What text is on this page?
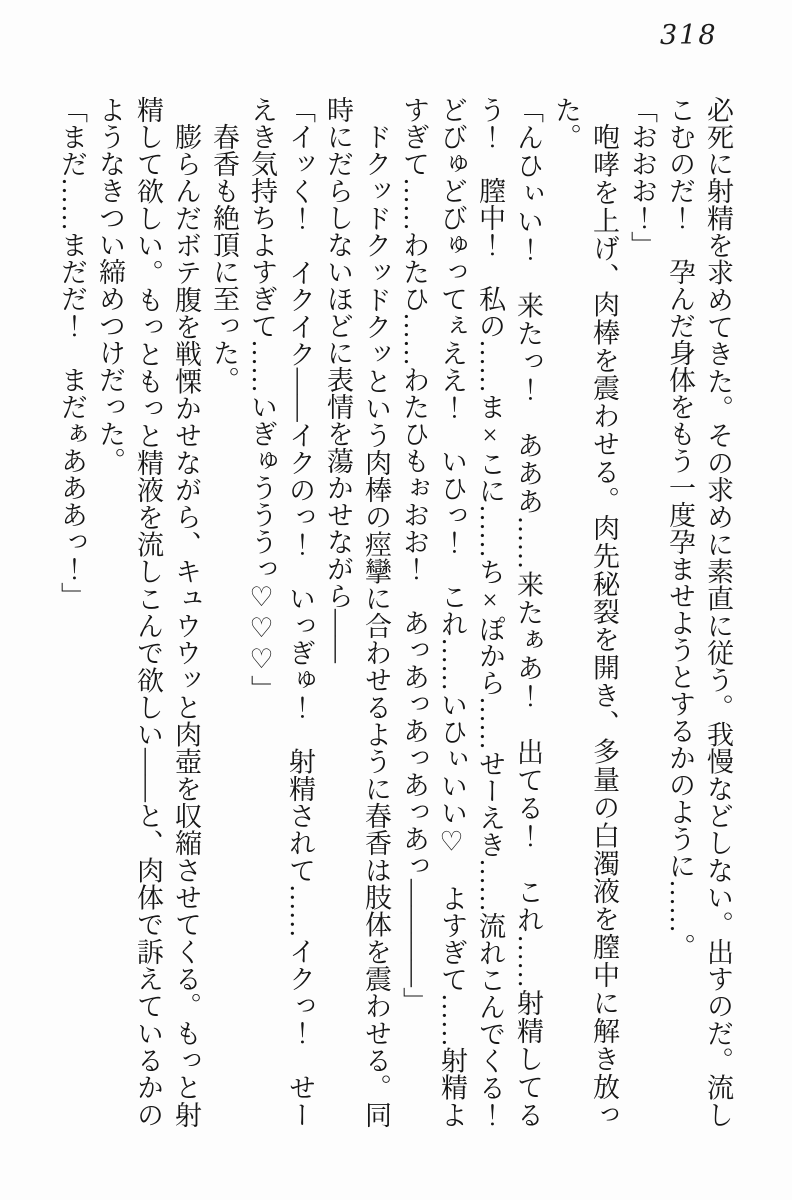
318

必死に射精を求めてきた。その求めに素直に従う。我慢などしない。出すのだ。流しこむのだ！　孕んだ身体をもう一度孕ませようとするかのように……。

「おおお！」

咆哮を上げ、肉棒を震わせる。肉先秘裂を開き、多量の白濁液を膣中に解き放った。

「んひぃい！　来たっ！　あああ……来たぁあ！　出てる！　これ……射精してるう！　膣中！　私の……ま×こに……ち×ぽから……せーえき……流れこんでくる！どびゅどびゅってぇええ！　いひっ！　これ……いひぃいい♡　よすぎて……射精よすぎて……わたひ……わたひもぉおお！　あっあっあっあっあっ――――」

ドクッドクッドクッという肉棒の痙攣に合わせるように春香は肢体を震わせる。同時にだらしないほどに表情を蕩かせながら――

「イッく！　イクイク――イクのっ！　いっぎゅ！　射精されて……イクっ！　せーえき気持ちよすぎて……いぎゅうううっ♡♡♡」

春香も絶頂に至った。

膨らんだボテ腹を戦慄かせながら、キュウウッと肉壺を収縮させてくる。もっと射精して欲しい。もっともっと精液を流しこんで欲しい――と、肉体で訴えているかのようなきつい締めつけだった。

「まだ……まだだ！　まだぁあああっ！」
